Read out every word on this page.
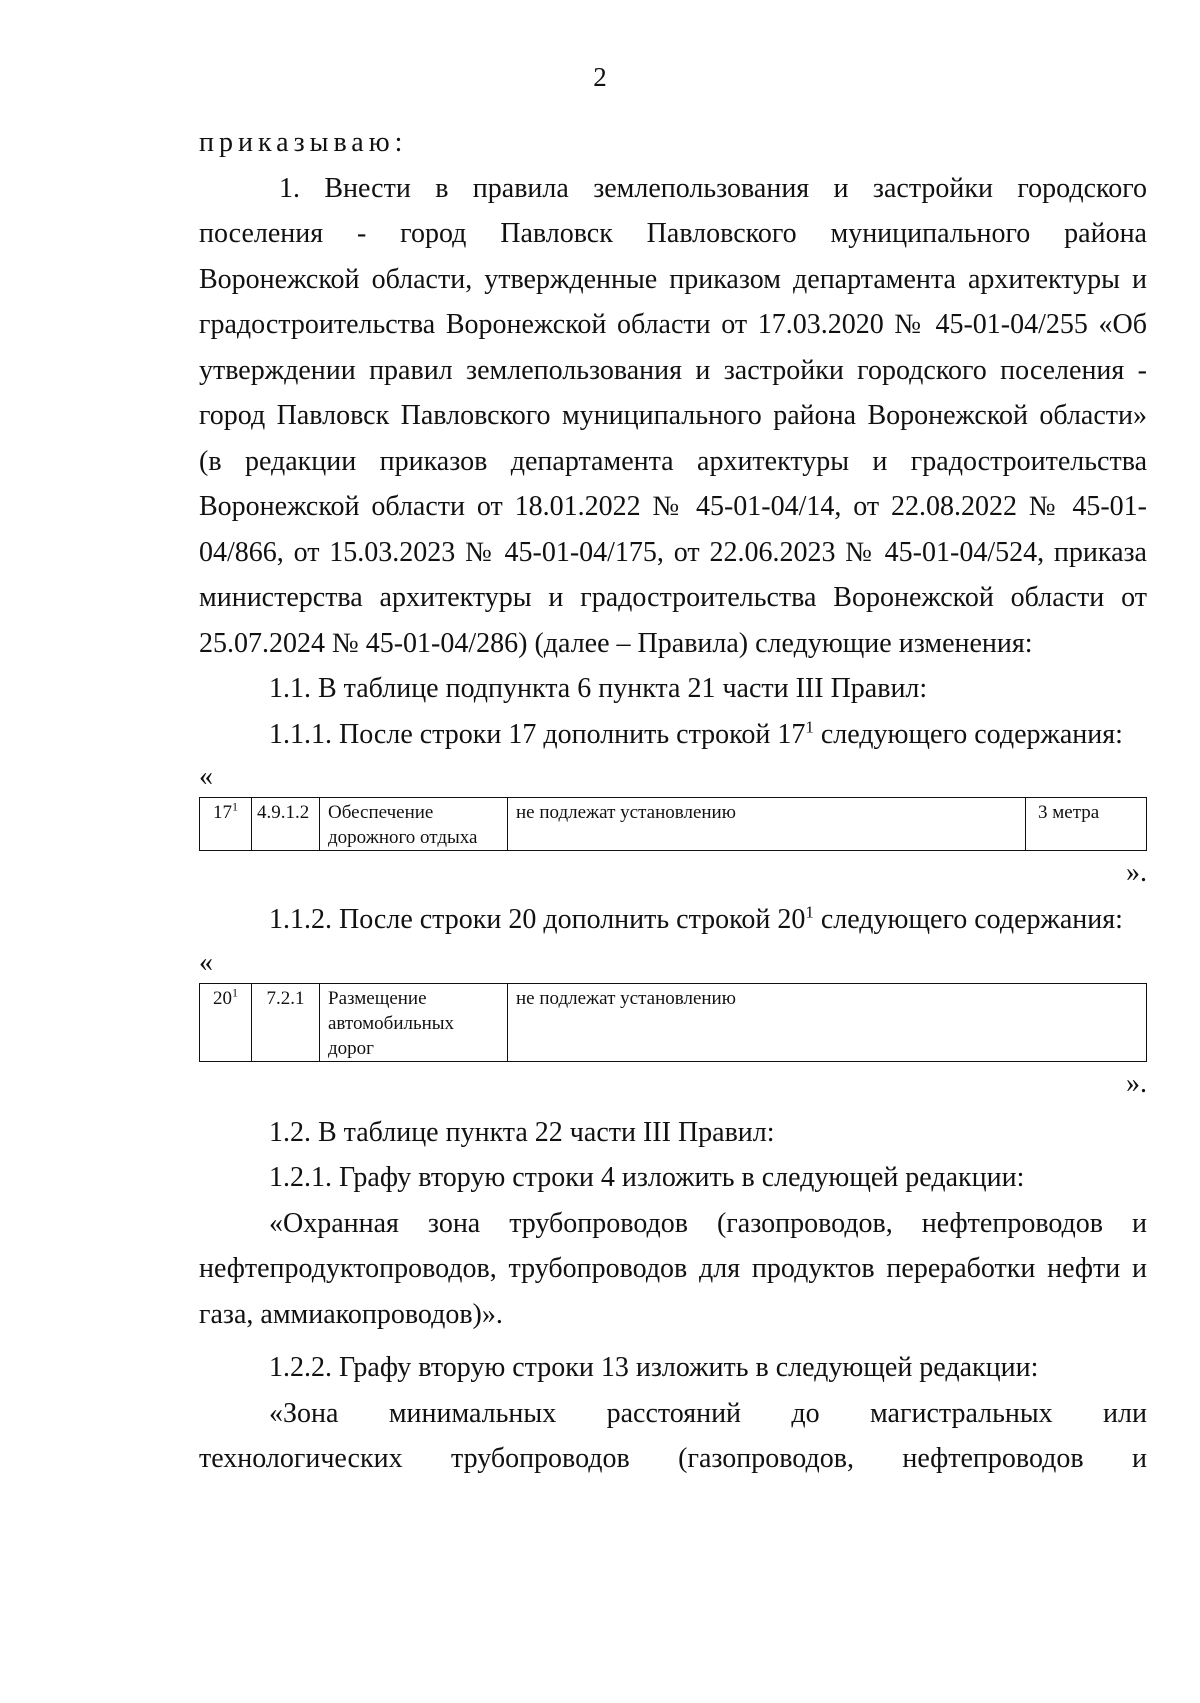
2

приказываю:

1. Внести в правила землепользования и застройки городского поселения - город Павловск Павловского муниципального района Воронежской области, утвержденные приказом департамента архитектуры и градостроительства Воронежской области от 17.03.2020 № 45-01-04/255 «Об утверждении правил землепользования и застройки городского поселения - город Павловск Павловского муниципального района Воронежской области» (в редакции приказов департамента архитектуры и градостроительства Воронежской области от 18.01.2022 № 45-01-04/14, от 22.08.2022 № 45-01-04/866, от 15.03.2023 № 45-01-04/175, от 22.06.2023 № 45-01-04/524, приказа министерства архитектуры и градостроительства Воронежской области от 25.07.2024 № 45-01-04/286) (далее – Правила) следующие изменения:

1.1. В таблице подпункта 6 пункта 21 части III Правил:

1.1.1. После строки 17 дополнить строкой $17^1$ следующего содержания:

«

$17^1$	4.9.1.2	Обеспечение дорожного отдыха	не подлежат установлению	3 метра

».

1.1.2. После строки 20 дополнить строкой $20^1$ следующего содержания:

«

$20^1$	7.2.1	Размещение автомобильных дорог	не подлежат установлению

».

1.2. В таблице пункта 22 части III Правил:

1.2.1. Графу вторую строки 4 изложить в следующей редакции:

«Охранная зона трубопроводов (газопроводов, нефтепроводов и нефтепродуктопроводов, трубопроводов для продуктов переработки нефти и газа, аммиакопроводов)».

1.2.2. Графу вторую строки 13 изложить в следующей редакции:

«Зона минимальных расстояний до магистральных или
технологических трубопроводов (газопроводов, нефтепроводов и
